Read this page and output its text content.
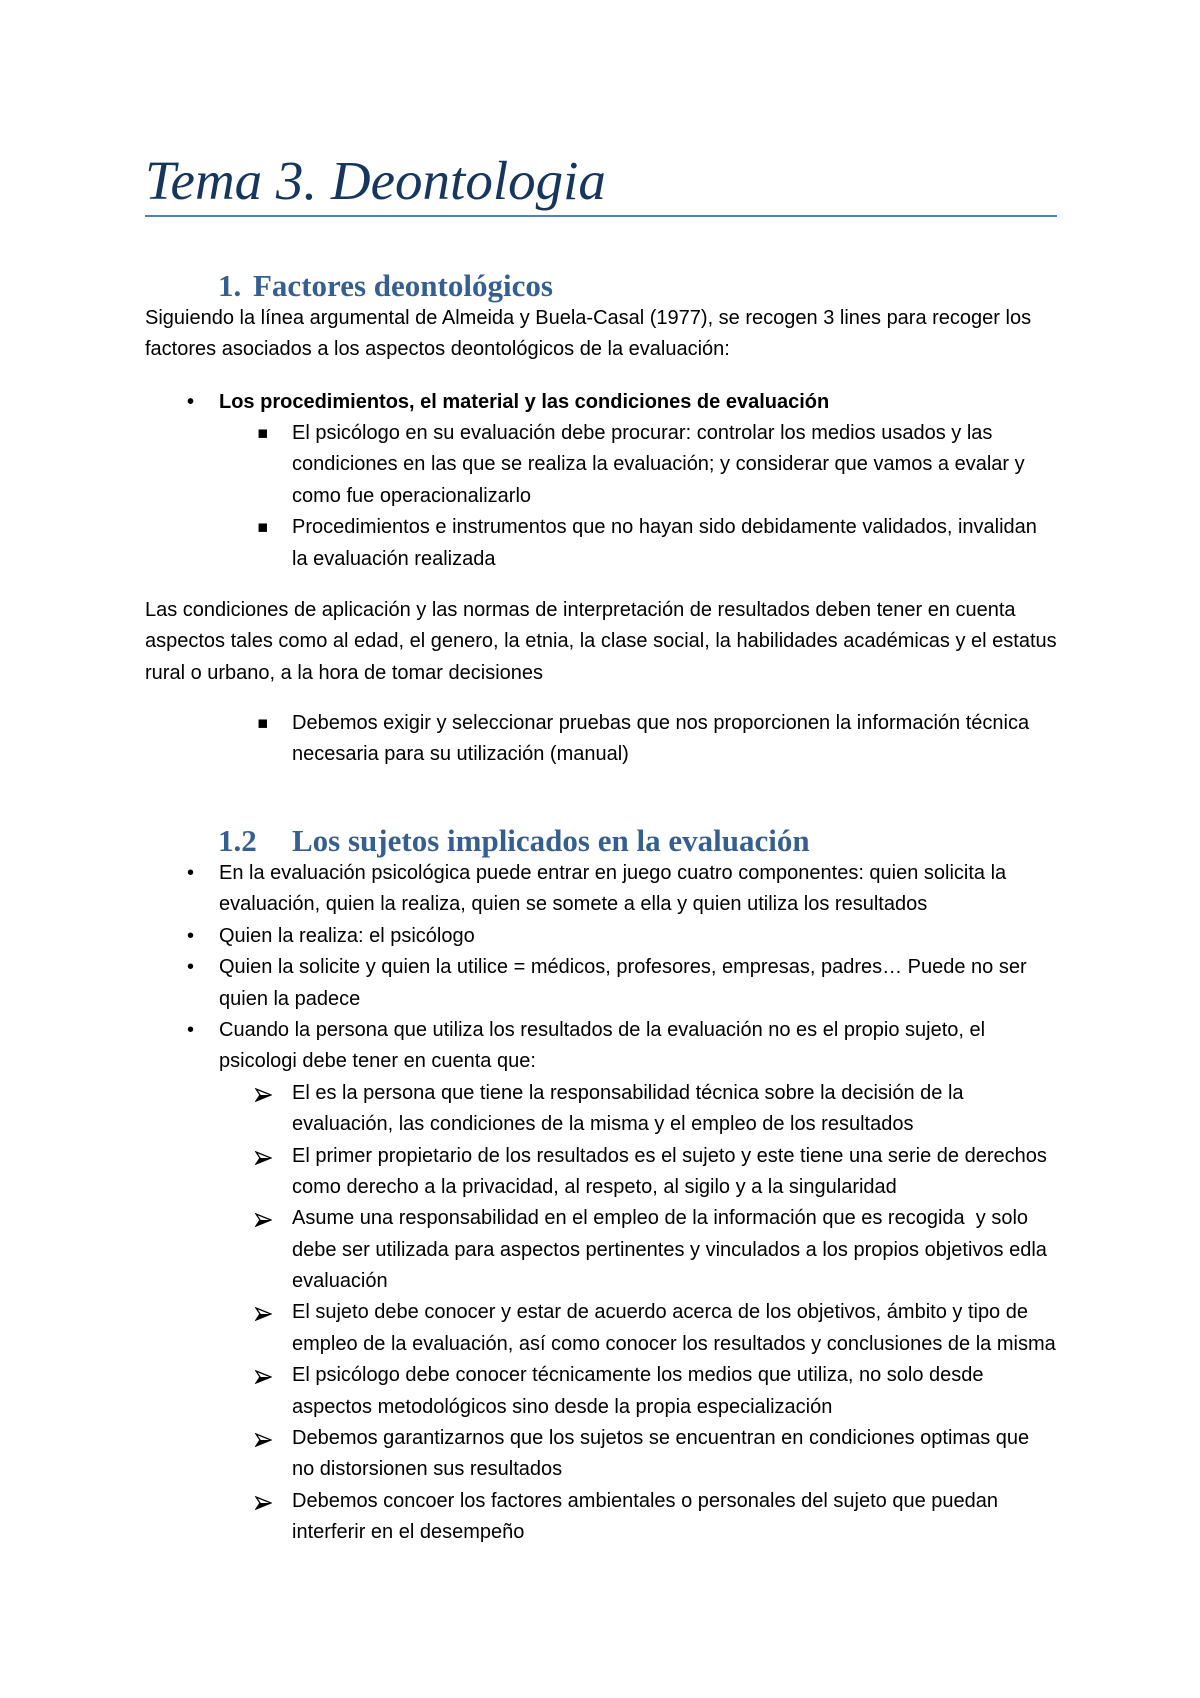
Tema 3. Deontologia
1. Factores deontológicos
Siguiendo la línea argumental de Almeida y Buela-Casal (1977), se recogen 3 lines para recoger los
factores asociados a los aspectos deontológicos de la evaluación:
• Los procedimientos, el material y las condiciones de evaluación
▪ El psicólogo en su evaluación debe procurar: controlar los medios usados y las
condiciones en las que se realiza la evaluación; y considerar que vamos a evalar y
como fue operacionalizarlo
▪ Procedimientos e instrumentos que no hayan sido debidamente validados, invalidan
la evaluación realizada
Las condiciones de aplicación y las normas de interpretación de resultados deben tener en cuenta
aspectos tales como al edad, el genero, la etnia, la clase social, la habilidades académicas y el estatus
rural o urbano, a la hora de tomar decisiones
▪ Debemos exigir y seleccionar pruebas que nos proporcionen la información técnica
necesaria para su utilización (manual)
1.2 Los sujetos implicados en la evaluación
• En la evaluación psicológica puede entrar en juego cuatro componentes: quien solicita la
evaluación, quien la realiza, quien se somete a ella y quien utiliza los resultados
• Quien la realiza: el psicólogo
• Quien la solicite y quien la utilice = médicos, profesores, empresas, padres… Puede no ser
quien la padece
• Cuando la persona que utiliza los resultados de la evaluación no es el propio sujeto, el
psicologi debe tener en cuenta que:
El es la persona que tiene la responsabilidad técnica sobre la decisión de la
evaluación, las condiciones de la misma y el empleo de los resultados
El primer propietario de los resultados es el sujeto y este tiene una serie de derechos
como derecho a la privacidad, al respeto, al sigilo y a la singularidad
Asume una responsabilidad en el empleo de la información que es recogida  y solo
debe ser utilizada para aspectos pertinentes y vinculados a los propios objetivos edla
evaluación
El sujeto debe conocer y estar de acuerdo acerca de los objetivos, ámbito y tipo de
empleo de la evaluación, así como conocer los resultados y conclusiones de la misma
El psicólogo debe conocer técnicamente los medios que utiliza, no solo desde
aspectos metodológicos sino desde la propia especialización
Debemos garantizarnos que los sujetos se encuentran en condiciones optimas que
no distorsionen sus resultados
Debemos concoer los factores ambientales o personales del sujeto que puedan
interferir en el desempeño
